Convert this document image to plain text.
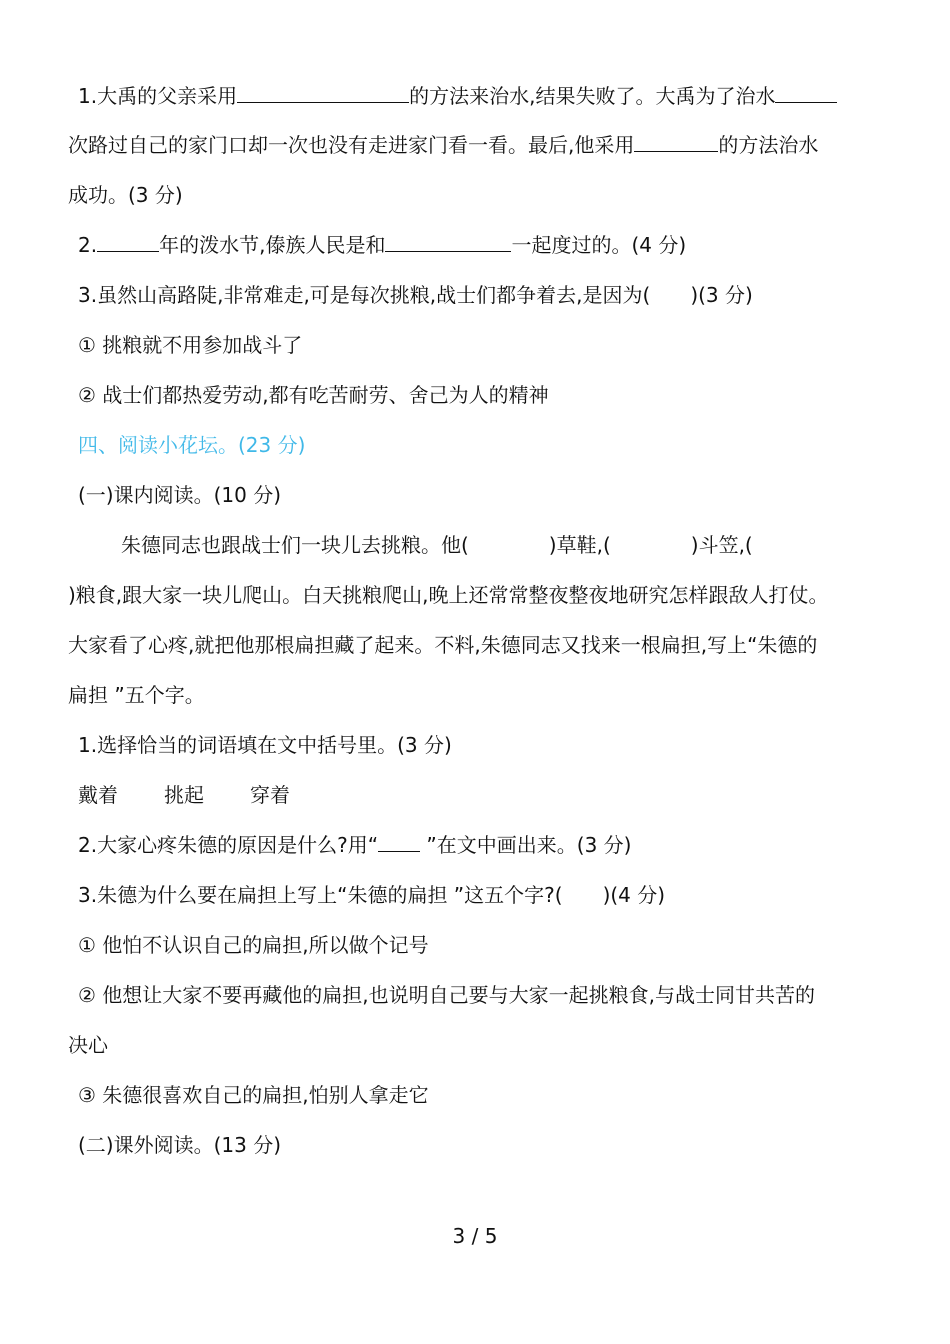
1.大禹的父亲采用	的方法来治水,结果失败了。大禹为了治水
次路过自己的家门口却一次也没有走进家门看一看。最后,他采用	的方法治水
成功。(3 分)
2.	年的泼水节,傣族人民是和	一起度过的。(4 分)
3.虽然山高路陡,非常难走,可是每次挑粮,战士们都争着去,是因为(　　)(3 分)
① 挑粮就不用参加战斗了
② 战士们都热爱劳动,都有吃苦耐劳、舍己为人的精神
四、阅读小花坛。(23 分)
(一)课内阅读。(10 分)
朱德同志也跟战士们一块儿去挑粮。他(　　　　)草鞋,(　　　　)斗笠,(
)粮食,跟大家一块儿爬山。白天挑粮爬山,晚上还常常整夜整夜地研究怎样跟敌人打仗。
大家看了心疼,就把他那根扁担藏了起来。不料,朱德同志又找来一根扁担,写上“朱德的
扁担 ”五个字。
1.选择恰当的词语填在文中括号里。(3 分)
戴着 挑起 穿着
2.大家心疼朱德的原因是什么?用“ ”在文中画出来。(3 分)
3.朱德为什么要在扁担上写上“朱德的扁担 ”这五个字?(　　)(4 分)
① 他怕不认识自己的扁担,所以做个记号
② 他想让大家不要再藏他的扁担,也说明自己要与大家一起挑粮食,与战士同甘共苦的
决心
③ 朱德很喜欢自己的扁担,怕别人拿走它
(二)课外阅读。(13 分)
3 / 5
